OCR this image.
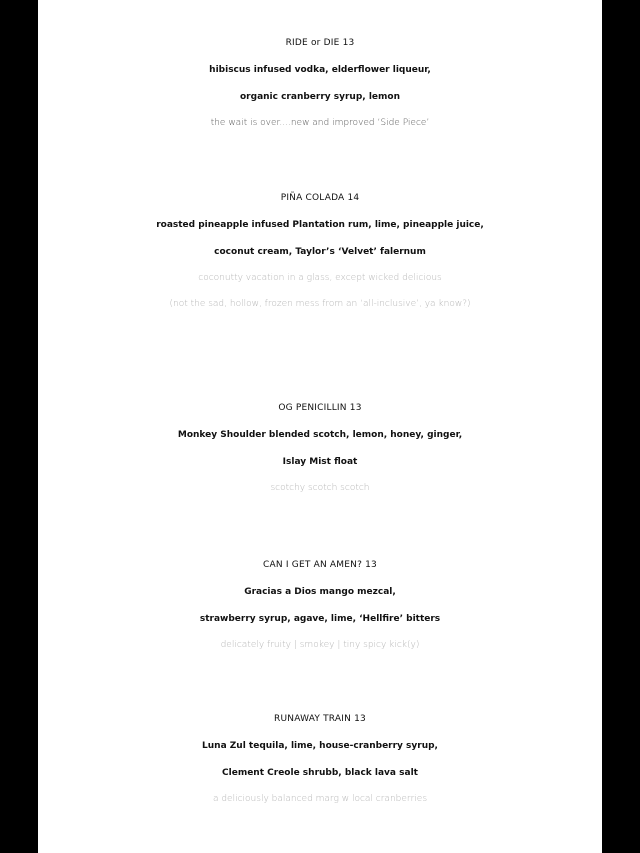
RIDE or DIE 13
hibiscus infused vodka, elderflower liqueur,
organic cranberry syrup, lemon
the wait is over....new and improved ‘Side Piece’
PIÑA COLADA 14
roasted pineapple infused Plantation rum, lime, pineapple juice,
coconut cream, Taylor’s ‘Velvet’ falernum
coconutty vacation in a glass, except wicked delicious
(not the sad, hollow, frozen mess from an ‘all-inclusive’, ya know?)
OG PENICILLIN 13
Monkey Shoulder blended scotch, lemon, honey, ginger,
Islay Mist float
scotchy scotch scotch
CAN I GET AN AMEN? 13
Gracias a Dios mango mezcal,
strawberry syrup, agave, lime, ‘Hellfire’ bitters
delicately fruity | smokey | tiny spicy kick(y)
RUNAWAY TRAIN 13
Luna Zul tequila, lime, house-cranberry syrup,
Clement Creole shrubb, black lava salt
a deliciously balanced marg w local cranberries
